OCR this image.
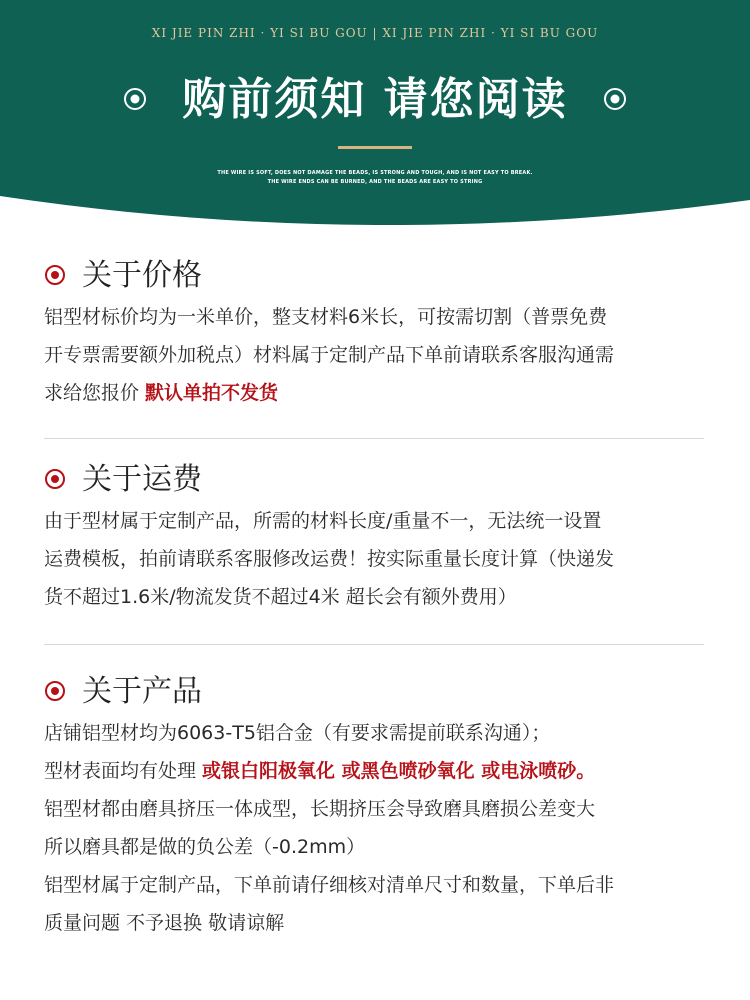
XI JIE PIN ZHI · YI SI BU GOU | XI JIE PIN ZHI · YI SI BU GOU
购前须知 请您阅读
THE WIRE IS SOFT, DOES NOT DAMAGE THE BEADS, IS STRONG AND TOUGH, AND IS NOT EASY TO BREAK.
THE WIRE ENDS CAN BE BURNED, AND THE BEADS ARE EASY TO STRING
关于价格

铝型材标价均为一米单价，整支材料6米长，可按需切割（普票免费

开专票需要额外加税点）材料属于定制产品下单前请联系客服沟通需

求给您报价 默认单拍不发货

关于运费

由于型材属于定制产品，所需的材料长度/重量不一，无法统一设置

运费模板，拍前请联系客服修改运费！按实际重量长度计算（快递发

货不超过1.6米/物流发货不超过4米 超长会有额外费用）

关于产品

店铺铝型材均为6063-T5铝合金（有要求需提前联系沟通）；

型材表面均有处理 或银白阳极氧化 或黑色喷砂氧化 或电泳喷砂。

铝型材都由磨具挤压一体成型，长期挤压会导致磨具磨损公差变大

所以磨具都是做的负公差（-0.2mm）

铝型材属于定制产品，下单前请仔细核对清单尺寸和数量，下单后非

质量问题 不予退换 敬请谅解
